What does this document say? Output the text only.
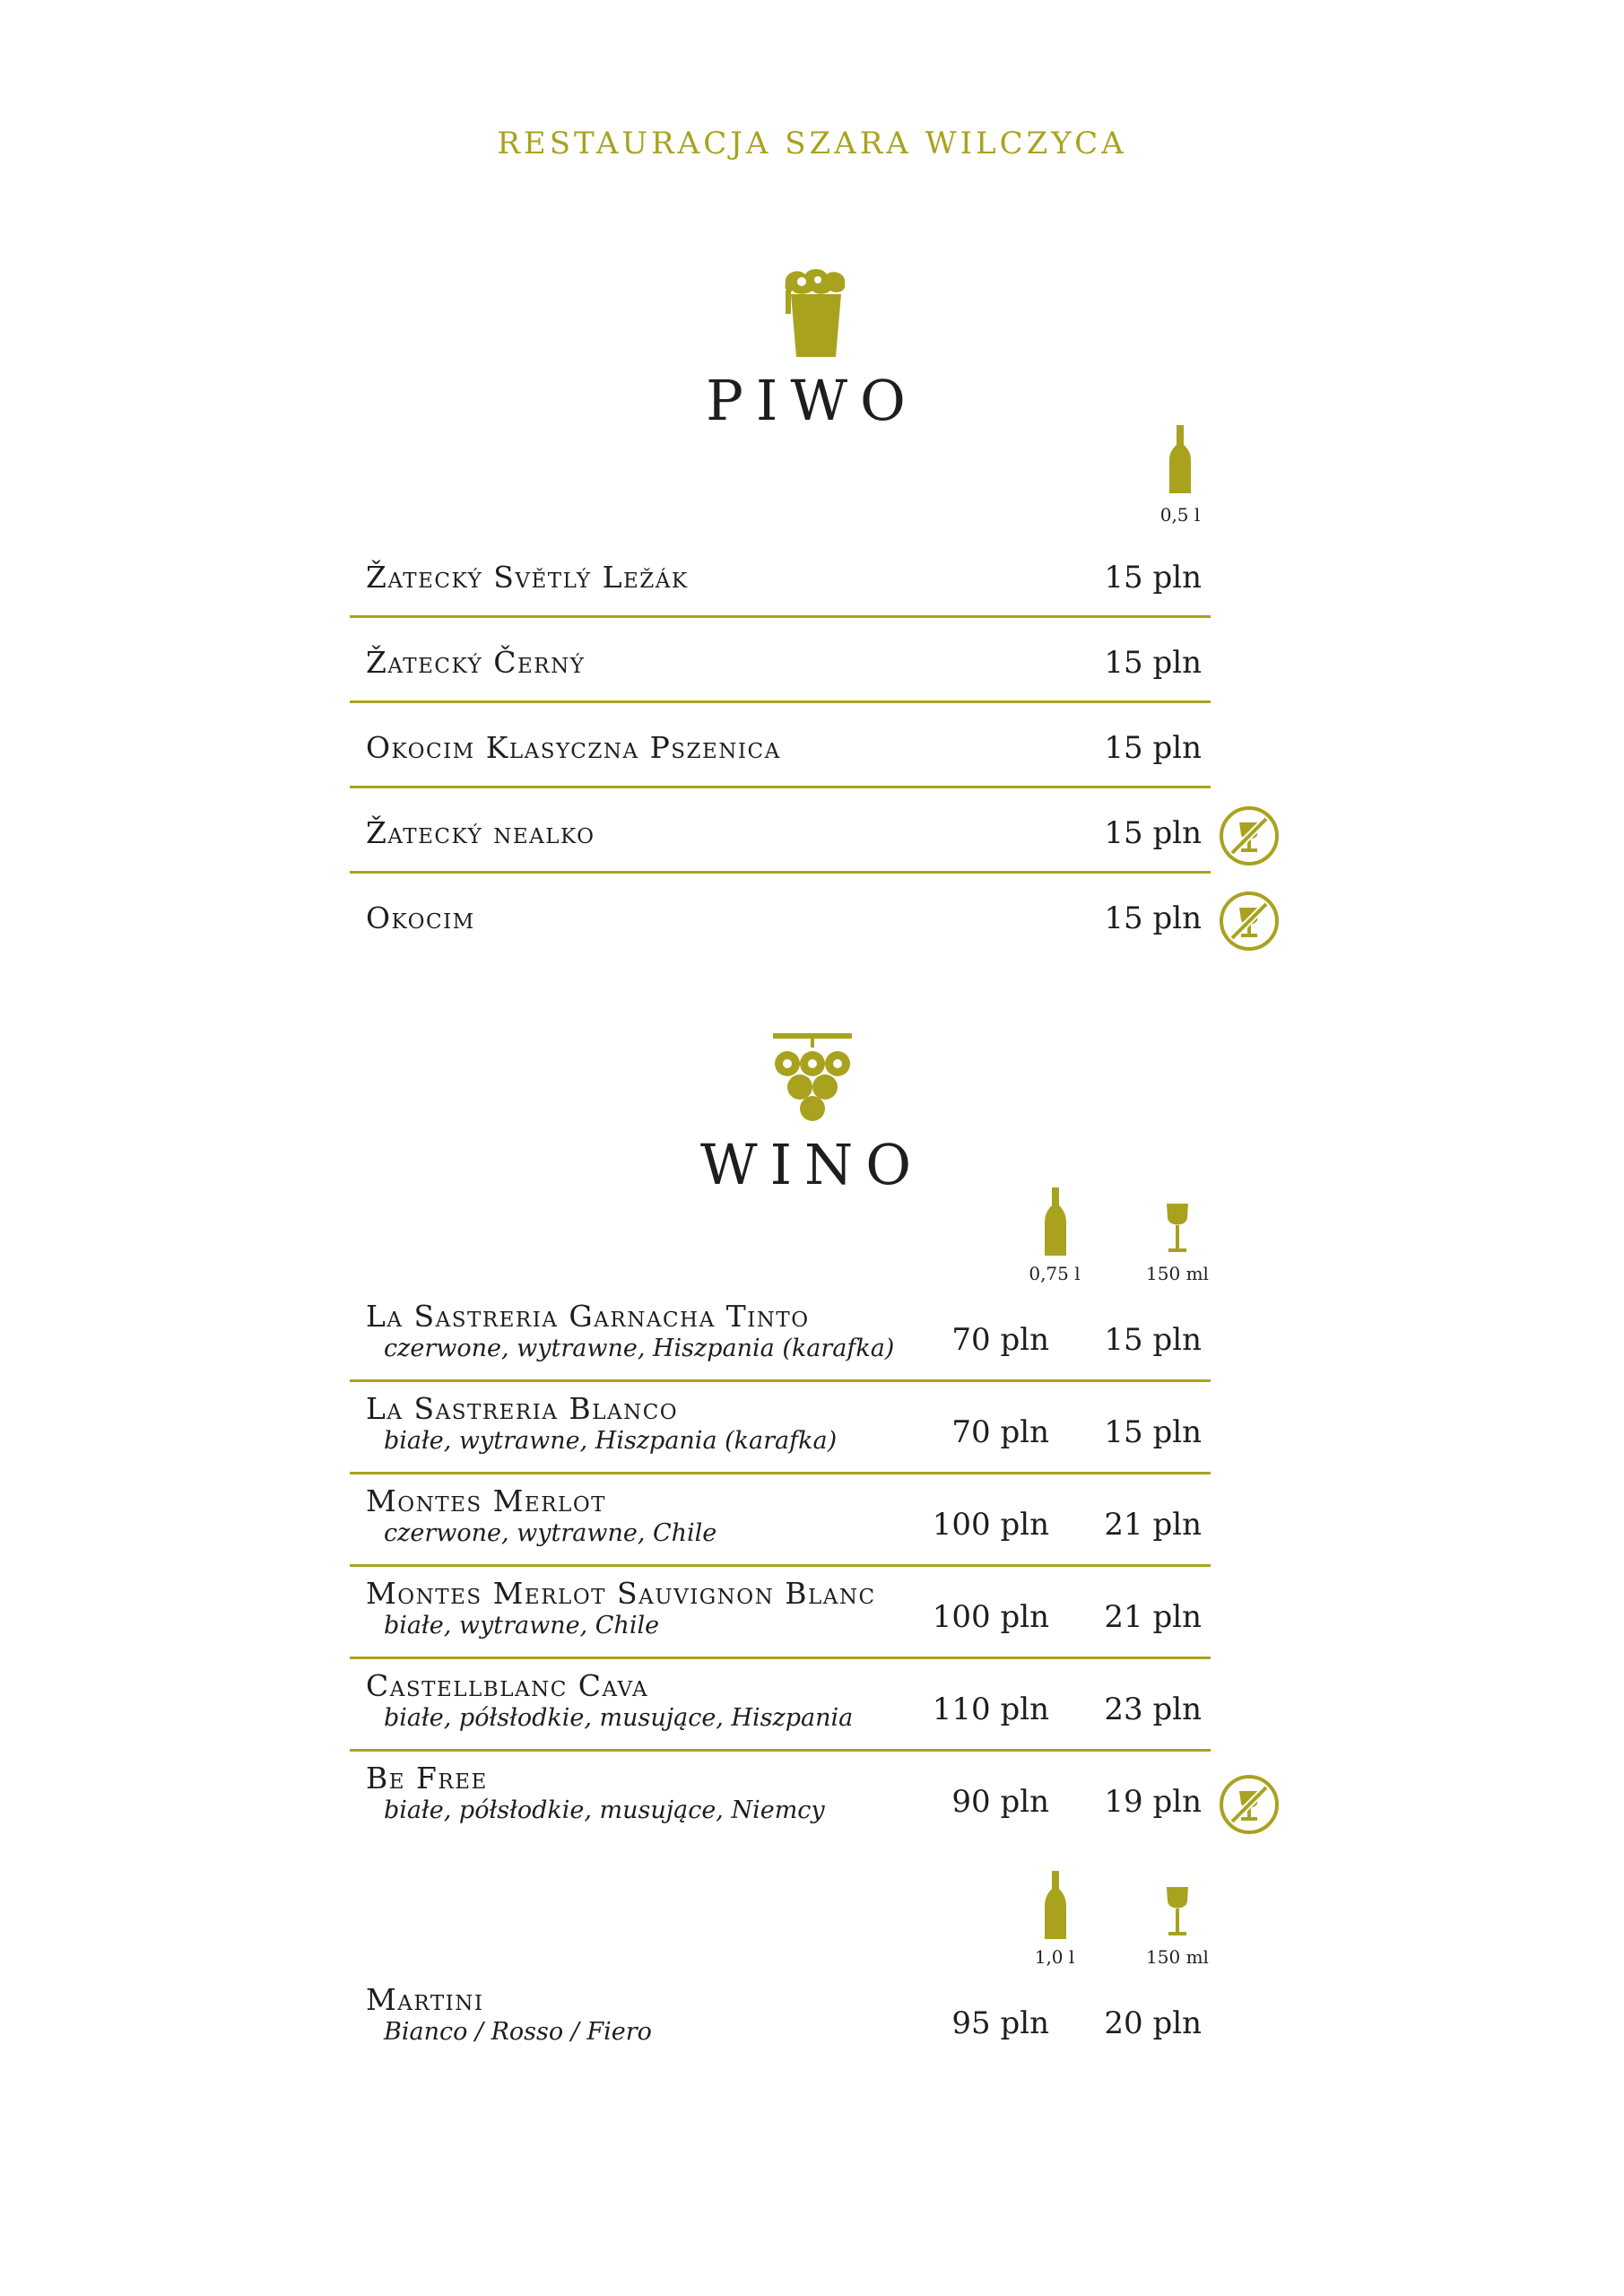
RESTAURACJA SZARA WILCZYCA
PIWO
0,5 l
Žatecký Světlý Ležák	15 pln
Žatecký Černý	15 pln
Okocim Klasyczna Pszenica	15 pln
Žatecký nealko	15 pln
Okocim	15 pln
WINO
0,75 l	150 ml
La Sastreria Garnacha Tinto
czerwone, wytrawne, Hiszpania (karafka)	70 pln	15 pln
La Sastreria Blanco
białe, wytrawne, Hiszpania (karafka)	70 pln	15 pln
Montes Merlot
czerwone, wytrawne, Chile	100 pln	21 pln
Montes Merlot Sauvignon Blanc
białe, wytrawne, Chile	100 pln	21 pln
Castellblanc Cava
białe, półsłodkie, musujące, Hiszpania	110 pln	23 pln
Be Free
białe, półsłodkie, musujące, Niemcy	90 pln	19 pln
1,0 l	150 ml
Martini
Bianco / Rosso / Fiero	95 pln	20 pln
